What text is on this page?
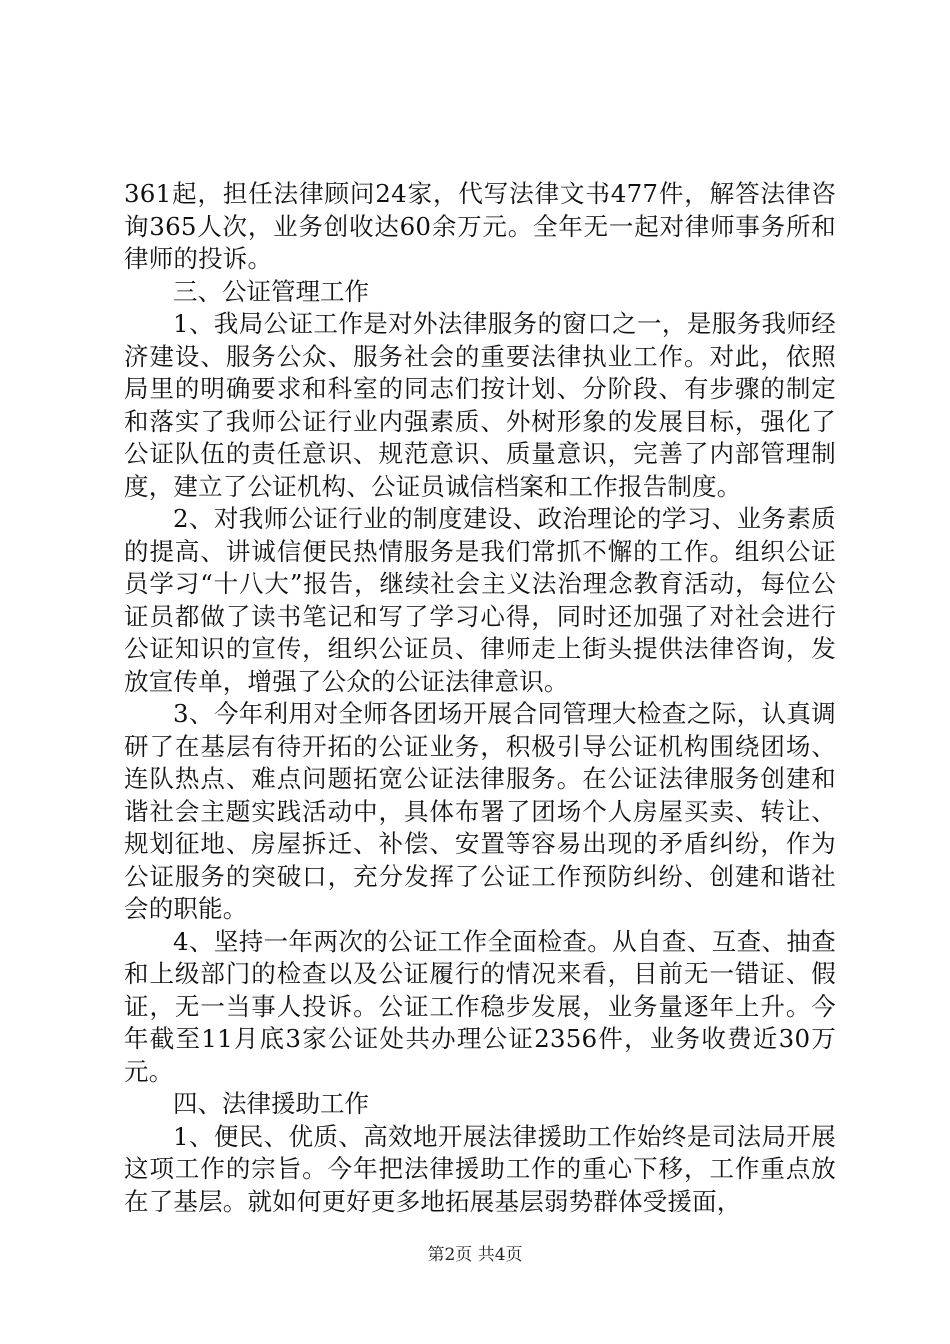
361起，担任法律顾问24家，代写法律文书477件，解答法律咨询365人次，业务创收达60余万元。全年无一起对律师事务所和律师的投诉。

三、公证管理工作

1、我局公证工作是对外法律服务的窗口之一，是服务我师经济建设、服务公众、服务社会的重要法律执业工作。对此，依照局里的明确要求和科室的同志们按计划、分阶段、有步骤的制定和落实了我师公证行业内强素质、外树形象的发展目标，强化了公证队伍的责任意识、规范意识、质量意识，完善了内部管理制度，建立了公证机构、公证员诚信档案和工作报告制度。

2、对我师公证行业的制度建设、政治理论的学习、业务素质的提高、讲诚信便民热情服务是我们常抓不懈的工作。组织公证员学习“十八大”报告，继续社会主义法治理念教育活动，每位公证员都做了读书笔记和写了学习心得，同时还加强了对社会进行公证知识的宣传，组织公证员、律师走上街头提供法律咨询，发放宣传单，增强了公众的公证法律意识。

3、今年利用对全师各团场开展合同管理大检查之际，认真调研了在基层有待开拓的公证业务，积极引导公证机构围绕团场、连队热点、难点问题拓宽公证法律服务。在公证法律服务创建和谐社会主题实践活动中，具体布署了团场个人房屋买卖、转让、规划征地、房屋拆迁、补偿、安置等容易出现的矛盾纠纷，作为公证服务的突破口，充分发挥了公证工作预防纠纷、创建和谐社会的职能。

4、坚持一年两次的公证工作全面检查。从自查、互查、抽查和上级部门的检查以及公证履行的情况来看，目前无一错证、假证，无一当事人投诉。公证工作稳步发展，业务量逐年上升。今年截至11月底3家公证处共办理公证2356件，业务收费近30万元。

四、法律援助工作

1、便民、优质、高效地开展法律援助工作始终是司法局开展这项工作的宗旨。今年把法律援助工作的重心下移，工作重点放在了基层。就如何更好更多地拓展基层弱势群体受援面，

第2页 共4页
